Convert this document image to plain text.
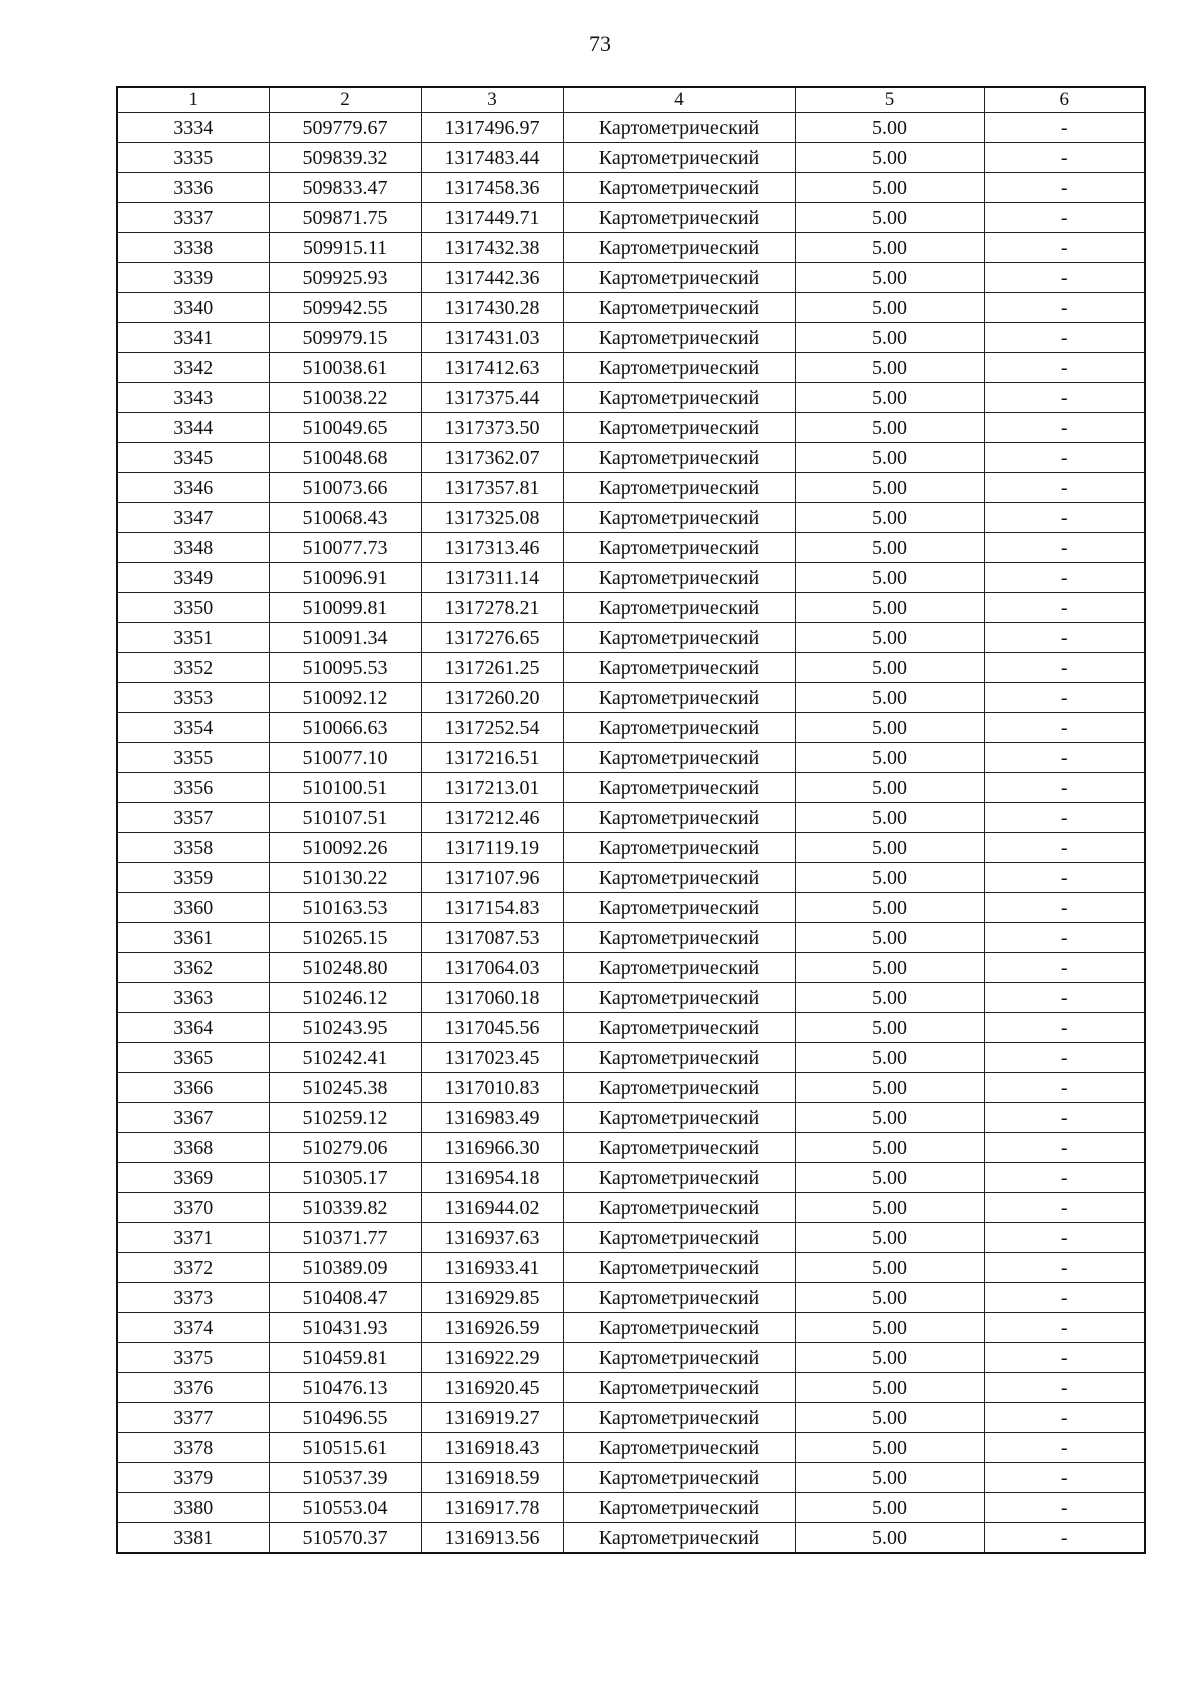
73
1	2	3	4	5	6
3334	509779.67	1317496.97	Картометрический	5.00	-
3335	509839.32	1317483.44	Картометрический	5.00	-
3336	509833.47	1317458.36	Картометрический	5.00	-
3337	509871.75	1317449.71	Картометрический	5.00	-
3338	509915.11	1317432.38	Картометрический	5.00	-
3339	509925.93	1317442.36	Картометрический	5.00	-
3340	509942.55	1317430.28	Картометрический	5.00	-
3341	509979.15	1317431.03	Картометрический	5.00	-
3342	510038.61	1317412.63	Картометрический	5.00	-
3343	510038.22	1317375.44	Картометрический	5.00	-
3344	510049.65	1317373.50	Картометрический	5.00	-
3345	510048.68	1317362.07	Картометрический	5.00	-
3346	510073.66	1317357.81	Картометрический	5.00	-
3347	510068.43	1317325.08	Картометрический	5.00	-
3348	510077.73	1317313.46	Картометрический	5.00	-
3349	510096.91	1317311.14	Картометрический	5.00	-
3350	510099.81	1317278.21	Картометрический	5.00	-
3351	510091.34	1317276.65	Картометрический	5.00	-
3352	510095.53	1317261.25	Картометрический	5.00	-
3353	510092.12	1317260.20	Картометрический	5.00	-
3354	510066.63	1317252.54	Картометрический	5.00	-
3355	510077.10	1317216.51	Картометрический	5.00	-
3356	510100.51	1317213.01	Картометрический	5.00	-
3357	510107.51	1317212.46	Картометрический	5.00	-
3358	510092.26	1317119.19	Картометрический	5.00	-
3359	510130.22	1317107.96	Картометрический	5.00	-
3360	510163.53	1317154.83	Картометрический	5.00	-
3361	510265.15	1317087.53	Картометрический	5.00	-
3362	510248.80	1317064.03	Картометрический	5.00	-
3363	510246.12	1317060.18	Картометрический	5.00	-
3364	510243.95	1317045.56	Картометрический	5.00	-
3365	510242.41	1317023.45	Картометрический	5.00	-
3366	510245.38	1317010.83	Картометрический	5.00	-
3367	510259.12	1316983.49	Картометрический	5.00	-
3368	510279.06	1316966.30	Картометрический	5.00	-
3369	510305.17	1316954.18	Картометрический	5.00	-
3370	510339.82	1316944.02	Картометрический	5.00	-
3371	510371.77	1316937.63	Картометрический	5.00	-
3372	510389.09	1316933.41	Картометрический	5.00	-
3373	510408.47	1316929.85	Картометрический	5.00	-
3374	510431.93	1316926.59	Картометрический	5.00	-
3375	510459.81	1316922.29	Картометрический	5.00	-
3376	510476.13	1316920.45	Картометрический	5.00	-
3377	510496.55	1316919.27	Картометрический	5.00	-
3378	510515.61	1316918.43	Картометрический	5.00	-
3379	510537.39	1316918.59	Картометрический	5.00	-
3380	510553.04	1316917.78	Картометрический	5.00	-
3381	510570.37	1316913.56	Картометрический	5.00	-
